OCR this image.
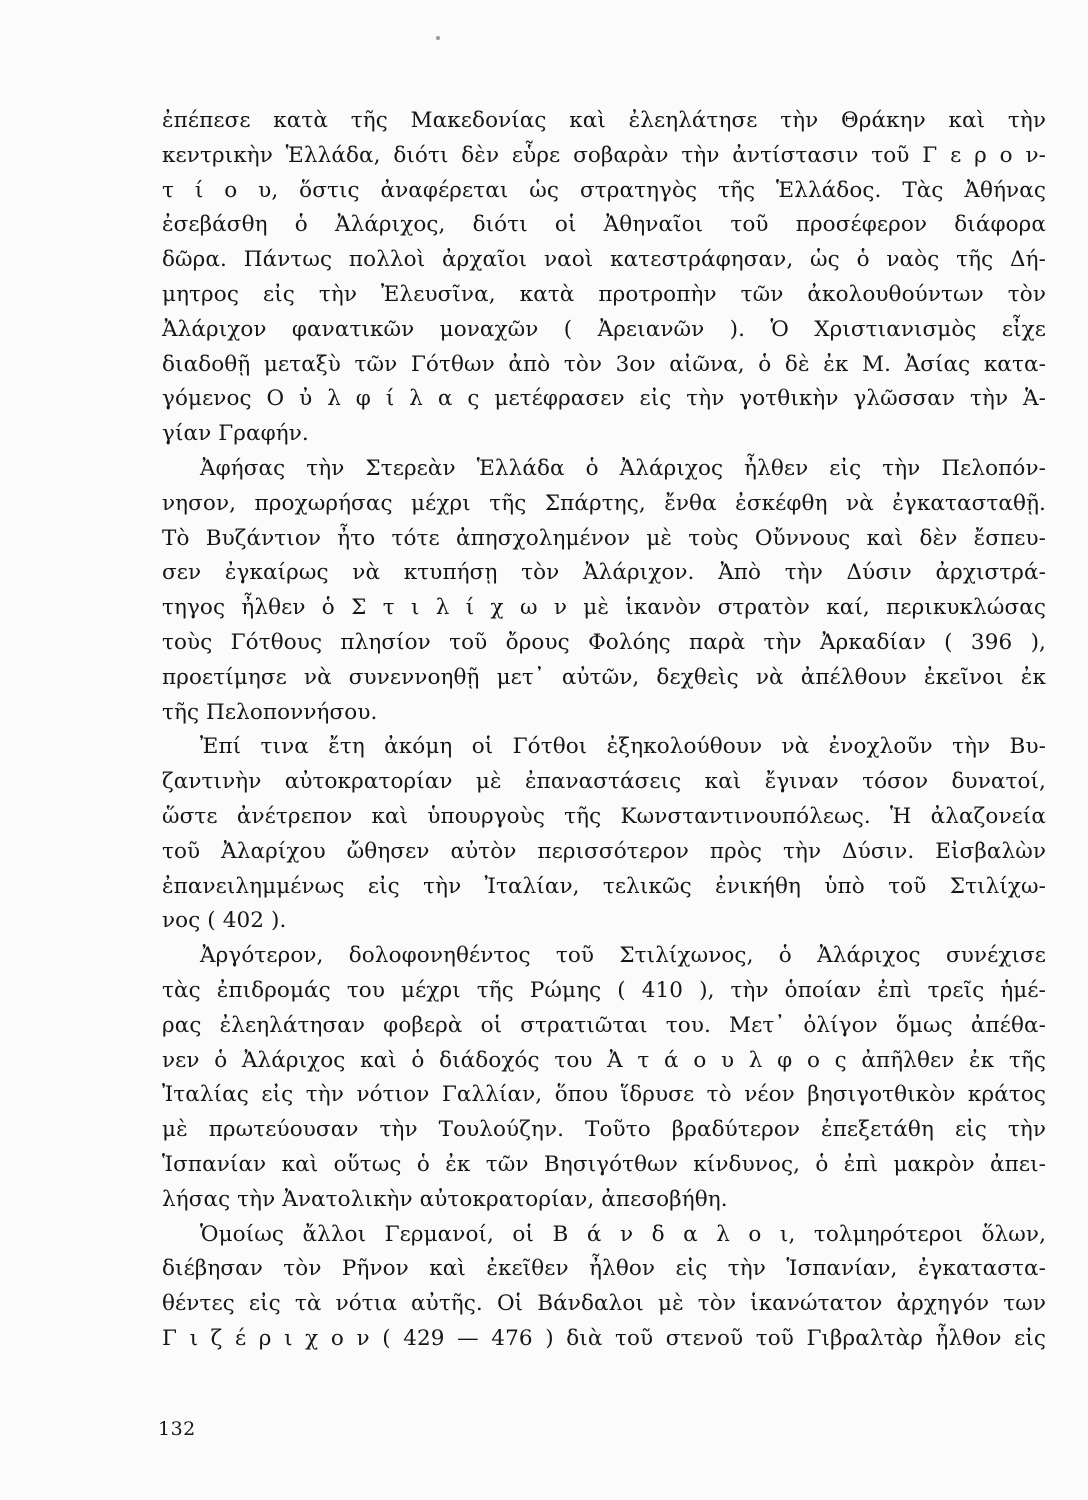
ἐπέπεσε κατὰ τῆς Μακεδονίας καὶ ἐλεηλάτησε τὴν Θράκην καὶ τὴν
κεντρικὴν Ἑλλάδα, διότι δὲν εὗρε σοβαρὰν τὴν ἀντίστασιν τοῦ Γ ε ρ ο ν-
τ ί ο υ, ὅστις ἀναφέρεται ὡς στρατηγὸς τῆς Ἑλλάδος. Τὰς Ἀθήνας
ἐσεβάσθη ὁ Ἀλάριχος, διότι οἱ Ἀθηναῖοι τοῦ προσέφερον διάφορα
δῶρα. Πάντως πολλοὶ ἀρχαῖοι ναοὶ κατεστράφησαν, ὡς ὁ ναὸς τῆς Δή-
μητρος εἰς τὴν Ἐλευσῖνα, κατὰ προτροπὴν τῶν ἀκολουθούντων τὸν
Ἀλάριχον φανατικῶν μοναχῶν ( Ἀρειανῶν ). Ὁ Χριστιανισμὸς εἶχε
διαδοθῇ μεταξὺ τῶν Γότθων ἀπὸ τὸν 3ον αἰῶνα, ὁ δὲ ἐκ Μ. Ἀσίας κατα-
γόμενος Ο ὐ λ φ ί λ α ς μετέφρασεν εἰς τὴν γοτθικὴν γλῶσσαν τὴν Ἁ-
γίαν Γραφήν.
Ἀφήσας τὴν Στερεὰν Ἑλλάδα ὁ Ἀλάριχος ἦλθεν εἰς τὴν Πελοπόν-
νησον, προχωρήσας μέχρι τῆς Σπάρτης, ἔνθα ἐσκέφθη νὰ ἐγκατασταθῇ.
Τὸ Βυζάντιον ἦτο τότε ἀπησχολημένον μὲ τοὺς Οὔννους καὶ δὲν ἔσπευ-
σεν ἐγκαίρως νὰ κτυπήσῃ τὸν Ἀλάριχον. Ἀπὸ τὴν Δύσιν ἀρχιστρά-
τηγος ἦλθεν ὁ Σ τ ι λ ί χ ω ν μὲ ἱκανὸν στρατὸν καί, περικυκλώσας
τοὺς Γότθους πλησίον τοῦ ὄρους Φολόης παρὰ τὴν Ἀρκαδίαν ( 396 ),
προετίμησε νὰ συνεννοηθῇ μετ᾽ αὐτῶν, δεχθεὶς νὰ ἀπέλθουν ἐκεῖνοι ἐκ
τῆς Πελοποννήσου.
Ἐπί τινα ἔτη ἀκόμη οἱ Γότθοι ἐξηκολούθουν νὰ ἐνοχλοῦν τὴν Βυ-
ζαντινὴν αὐτοκρατορίαν μὲ ἐπαναστάσεις καὶ ἔγιναν τόσον δυνατοί,
ὥστε ἀνέτρεπον καὶ ὑπουργοὺς τῆς Κωνσταντινουπόλεως. Ἡ ἀλαζονεία
τοῦ Ἀλαρίχου ὤθησεν αὐτὸν περισσότερον πρὸς τὴν Δύσιν. Εἰσβαλὼν
ἐπανειλημμένως εἰς τὴν Ἰταλίαν, τελικῶς ἐνικήθη ὑπὸ τοῦ Στιλίχω-
νος ( 402 ).
Ἀργότερον, δολοφονηθέντος τοῦ Στιλίχωνος, ὁ Ἀλάριχος συνέχισε
τὰς ἐπιδρομάς του μέχρι τῆς Ρώμης ( 410 ), τὴν ὁποίαν ἐπὶ τρεῖς ἡμέ-
ρας ἐλεηλάτησαν φοβερὰ οἱ στρατιῶται του. Μετ᾽ ὀλίγον ὅμως ἀπέθα-
νεν ὁ Ἀλάριχος καὶ ὁ διάδοχός του Ἀ τ ά ο υ λ φ ο ς ἀπῆλθεν ἐκ τῆς
Ἰταλίας εἰς τὴν νότιον Γαλλίαν, ὅπου ἵδρυσε τὸ νέον βησιγοτθικὸν κράτος
μὲ πρωτεύουσαν τὴν Τουλούζην. Τοῦτο βραδύτερον ἐπεξετάθη εἰς τὴν
Ἱσπανίαν καὶ οὕτως ὁ ἐκ τῶν Βησιγότθων κίνδυνος, ὁ ἐπὶ μακρὸν ἀπει-
λήσας τὴν Ἀνατολικὴν αὐτοκρατορίαν, ἀπεσοβήθη.
Ὁμοίως ἄλλοι Γερμανοί, οἱ Β ά ν δ α λ ο ι, τολμηρότεροι ὅλων,
διέβησαν τὸν Ρῆνον καὶ ἐκεῖθεν ἦλθον εἰς τὴν Ἱσπανίαν, ἐγκαταστα-
θέντες εἰς τὰ νότια αὐτῆς. Οἱ Βάνδαλοι μὲ τὸν ἱκανώτατον ἀρχηγόν των
Γ ι ζ έ ρ ι χ ο ν ( 429 — 476 ) διὰ τοῦ στενοῦ τοῦ Γιβραλτὰρ ἦλθον εἰς
132
